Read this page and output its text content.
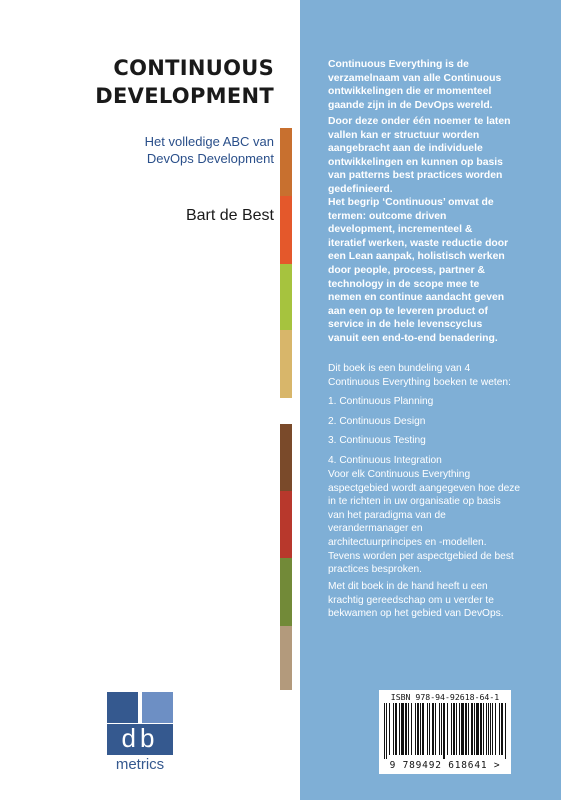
CONTINUOUS
DEVELOPMENT
Het volledige ABC van
DevOps Development
Bart de Best
db
metrics
Continuous Everything is de
verzamelnaam van alle Continuous
ontwikkelingen die er momenteel
gaande zijn in de DevOps wereld.
Door deze onder één noemer te laten
vallen kan er structuur worden
aangebracht aan de individuele
ontwikkelingen en kunnen op basis
van patterns best practices worden
gedefinieerd.
Het begrip ‘Continuous’ omvat de
termen: outcome driven
development, incrementeel &
iteratief werken, waste reductie door
een Lean aanpak, holistisch werken
door people, process, partner &
technology in de scope mee te
nemen en continue aandacht geven
aan een op te leveren product of
service in de hele levenscyclus
vanuit een end-to-end benadering.
Dit boek is een bundeling van 4
Continuous Everything boeken te weten:
1. Continuous Planning
2. Continuous Design
3. Continuous Testing
4. Continuous Integration
Voor elk Continuous Everything
aspectgebied wordt aangegeven hoe deze
in te richten in uw organisatie op basis
van het paradigma van de
verandermanager en
architectuurprincipes en -modellen.
Tevens worden per aspectgebied de best
practices besproken.
Met dit boek in de hand heeft u een
krachtig gereedschap om u verder te
bekwamen op het gebied van DevOps.
ISBN 978-94-92618-64-1
9 789492 618641 >
